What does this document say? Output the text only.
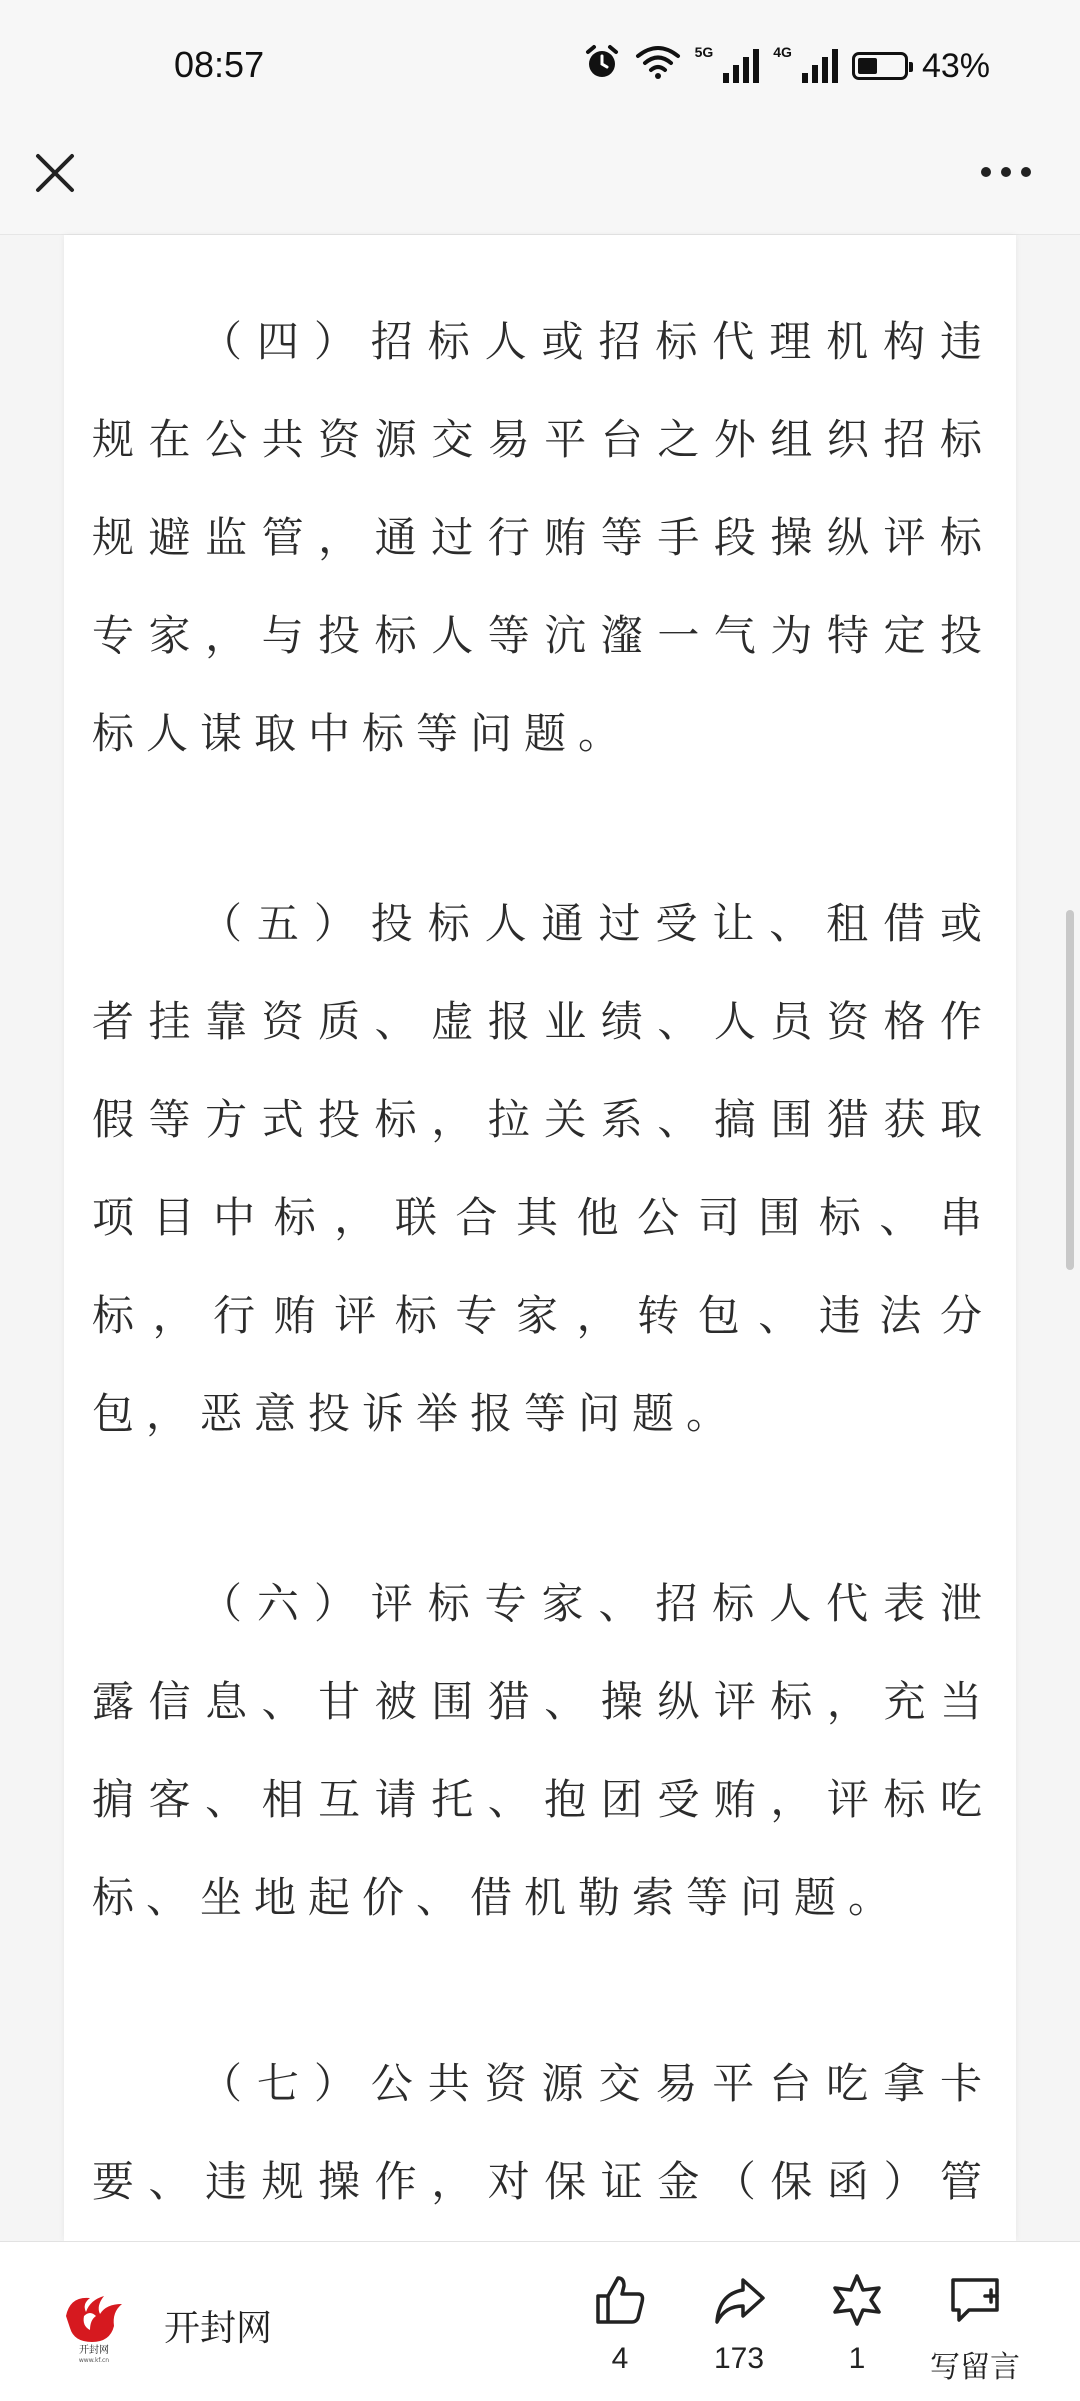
08:57	5G	4G	43%

（四）招标人或招标代理机构违规在公共资源交易平台之外组织招标规避监管，通过行贿等手段操纵评标专家，与投标人等沆瀣一气为特定投标人谋取中标等问题。

（五）投标人通过受让、租借或者挂靠资质、虚报业绩、人员资格作假等方式投标，拉关系、搞围猎获取项目中标，联合其他公司围标、串标，行贿评标专家，转包、违法分包，恶意投诉举报等问题。

（六）评标专家、招标人代表泄露信息、甘被围猎、操纵评标，充当掮客、相互请托、抱团受贿，评标吃标、坐地起价、借机勒索等问题。

（七）公共资源交易平台吃拿卡要、违规操作，对保证金（保函）管

开封网
www.kf.cn
开封网
4	173	1	写留言
